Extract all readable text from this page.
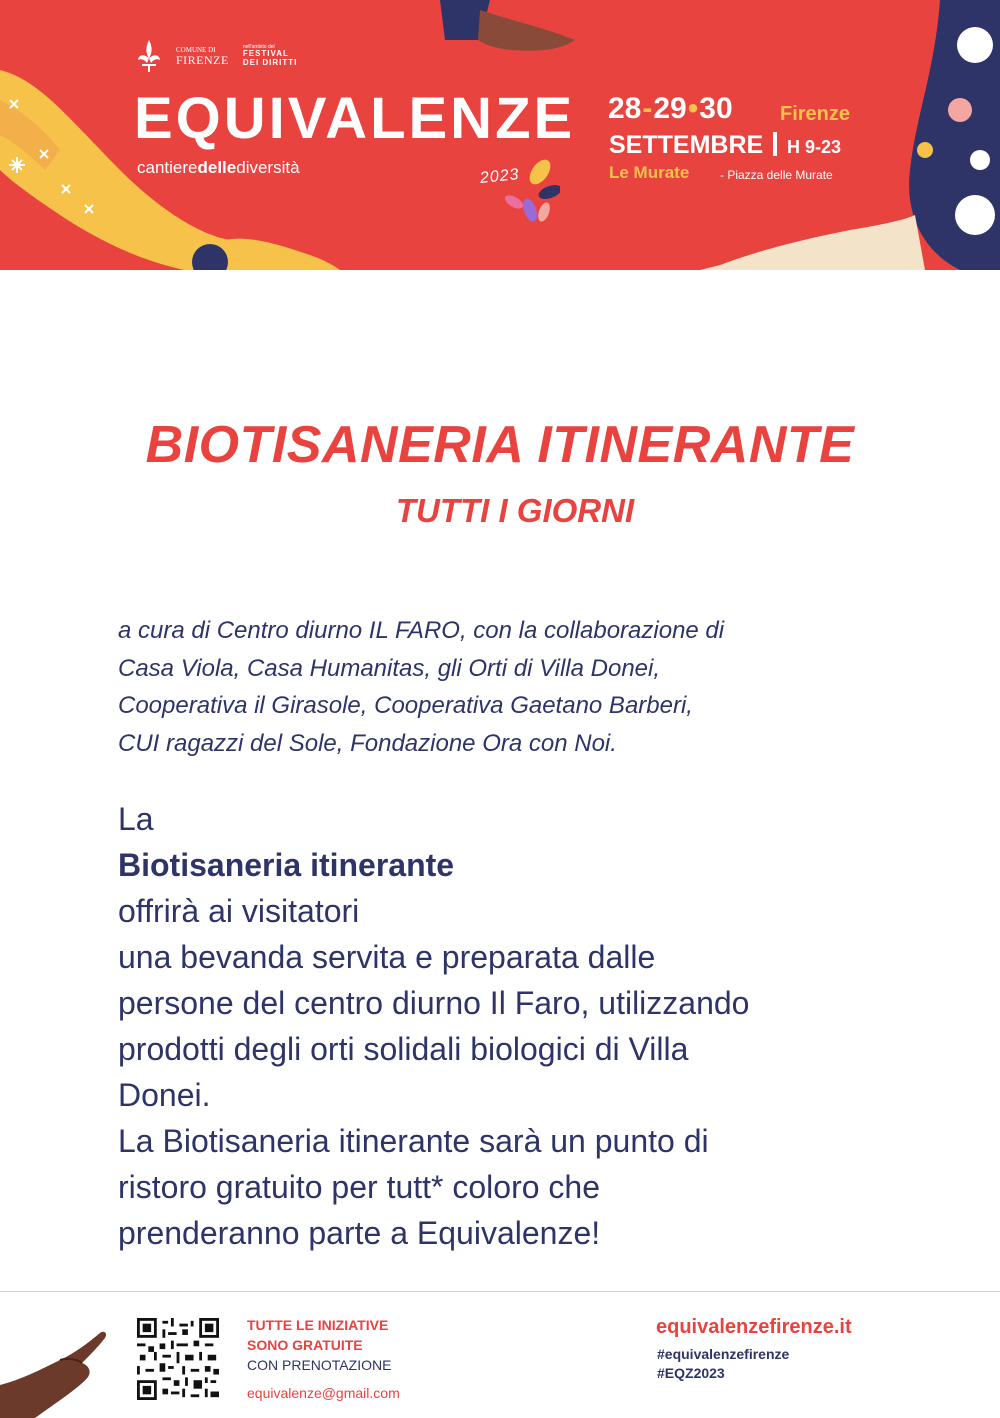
COMUNE DI
FIRENZE
nell'ambito del
FESTIVAL
DEI DIRITTI
EQUIVALENZE
cantieredellediversità	2023
28 - 29 • 30 Firenze
SETTEMBRE H 9-23
Le Murate	- Piazza delle Murate
BIOTISANERIA ITINERANTE
TUTTI I GIORNI
a cura di Centro diurno IL FARO, con la collaborazione di
Casa Viola, Casa Humanitas, gli Orti di Villa Donei,
Cooperativa il Girasole, Cooperativa Gaetano Barberi,
CUI ragazzi del Sole, Fondazione Ora con Noi.
La
Biotisaneria itinerante
offrirà ai visitatori
una bevanda servita e preparata dalle
persone del centro diurno Il Faro, utilizzando
prodotti degli orti solidali biologici di Villa
Donei.
La Biotisaneria itinerante sarà un punto di
ristoro gratuito per tutt* coloro che
prenderanno parte a Equivalenze!
TUTTE LE INIZIATIVE
SONO GRATUITE
CON PRENOTAZIONE
equivalenze@gmail.com
equivalenzefirenze.it
#equivalenzefirenze
#EQZ2023
